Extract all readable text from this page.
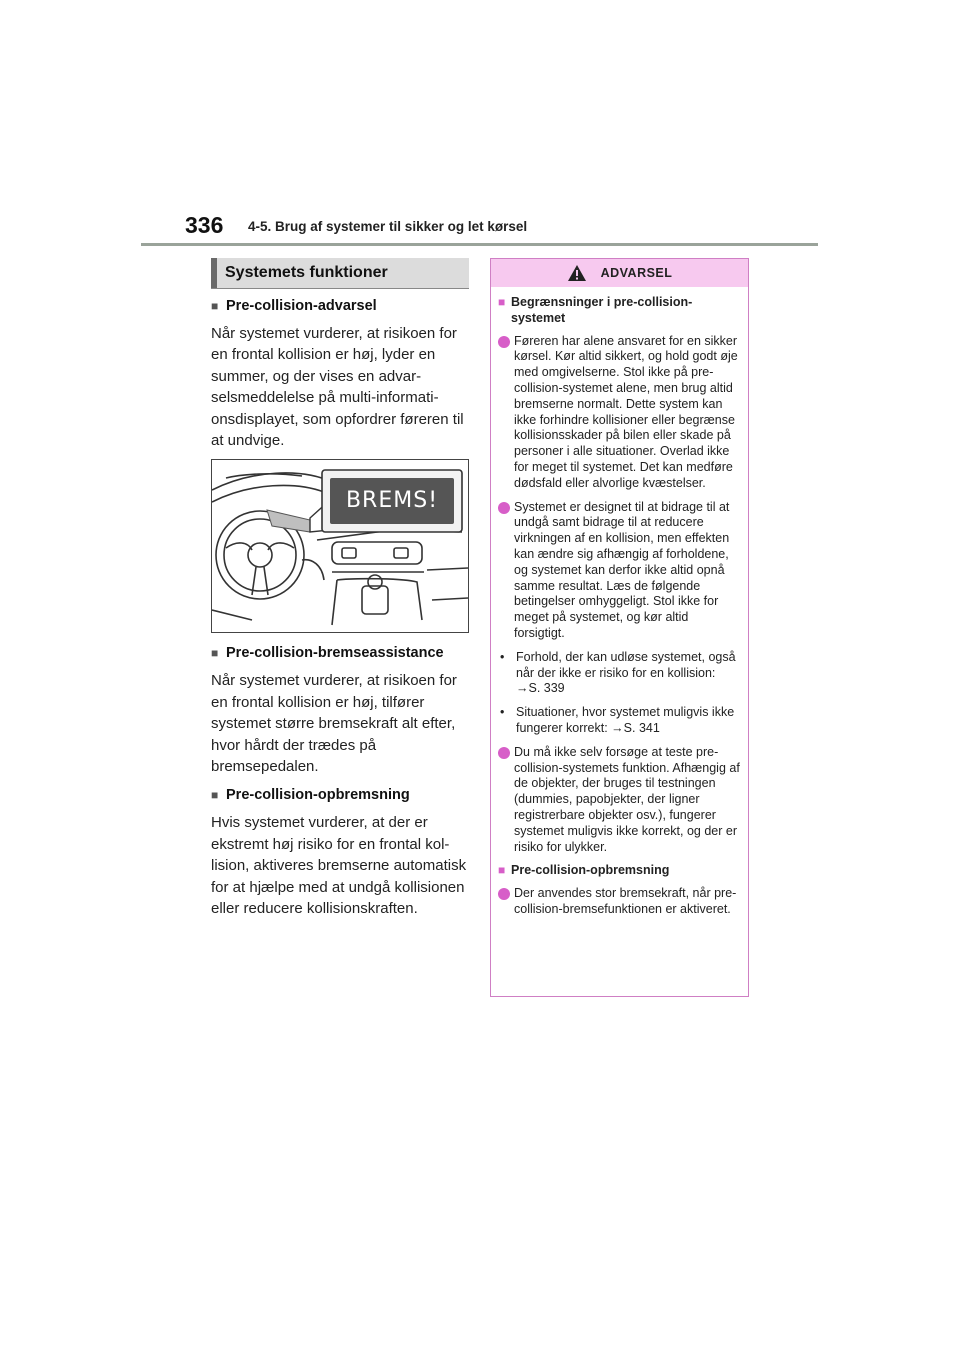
336 4-5. Brug af systemer til sikker og let kørsel
Systemets funktioner
■ Pre-collision-advarsel

Når systemet vurderer, at risikoen for en frontal kollision er høj, lyder en summer, og der vises en advarselsmeddelelse på multi-informationsdisplayet, som opfordrer føreren til at undvige.

BREMS!
■ Pre-collision-bremseassistance

Når systemet vurderer, at risikoen for en frontal kollision er høj, tilfører systemet større bremsekraft alt efter, hvor hårdt der trædes på bremsepedalen.

■ Pre-collision-opbremsning

Hvis systemet vurderer, at der er ekstremt høj risiko for en frontal kollision, aktiveres bremserne automatisk for at hjælpe med at undgå kollisionen eller reducere kollisionskraften.

ADVARSEL
■ Begrænsninger i pre-collision-systemet
Føreren har alene ansvaret for en sikker kørsel. Kør altid sikkert, og hold godt øje med omgivelserne. Stol ikke på pre-collision-systemet alene, men brug altid bremserne normalt. Dette system kan ikke forhindre kollisioner eller begrænse kollisionsskader på bilen eller skade på personer i alle situationer. Overlad ikke for meget til systemet. Det kan medføre dødsfald eller alvorlige kvæstelser.
Systemet er designet til at bidrage til at undgå samt bidrage til at reducere virkningen af en kollision, men effekten kan ændre sig afhængig af forholdene, og systemet kan derfor ikke altid opnå samme resultat. Læs de følgende betingelser omhyggeligt. Stol ikke for meget på systemet, og kør altid forsigtigt.
• Forhold, der kan udløse systemet, også når der ikke er risiko for en kollision: →S. 339
• Situationer, hvor systemet muligvis ikke fungerer korrekt: →S. 341
Du må ikke selv forsøge at teste pre-collision-systemets funktion. Afhængig af de objekter, der bruges til testningen (dummies, papobjekter, der ligner registrerbare objekter osv.), fungerer systemet muligvis ikke korrekt, og der er risiko for ulykker.
■ Pre-collision-opbremsning
Der anvendes stor bremsekraft, når pre-collision-bremsefunktionen er aktiveret.
